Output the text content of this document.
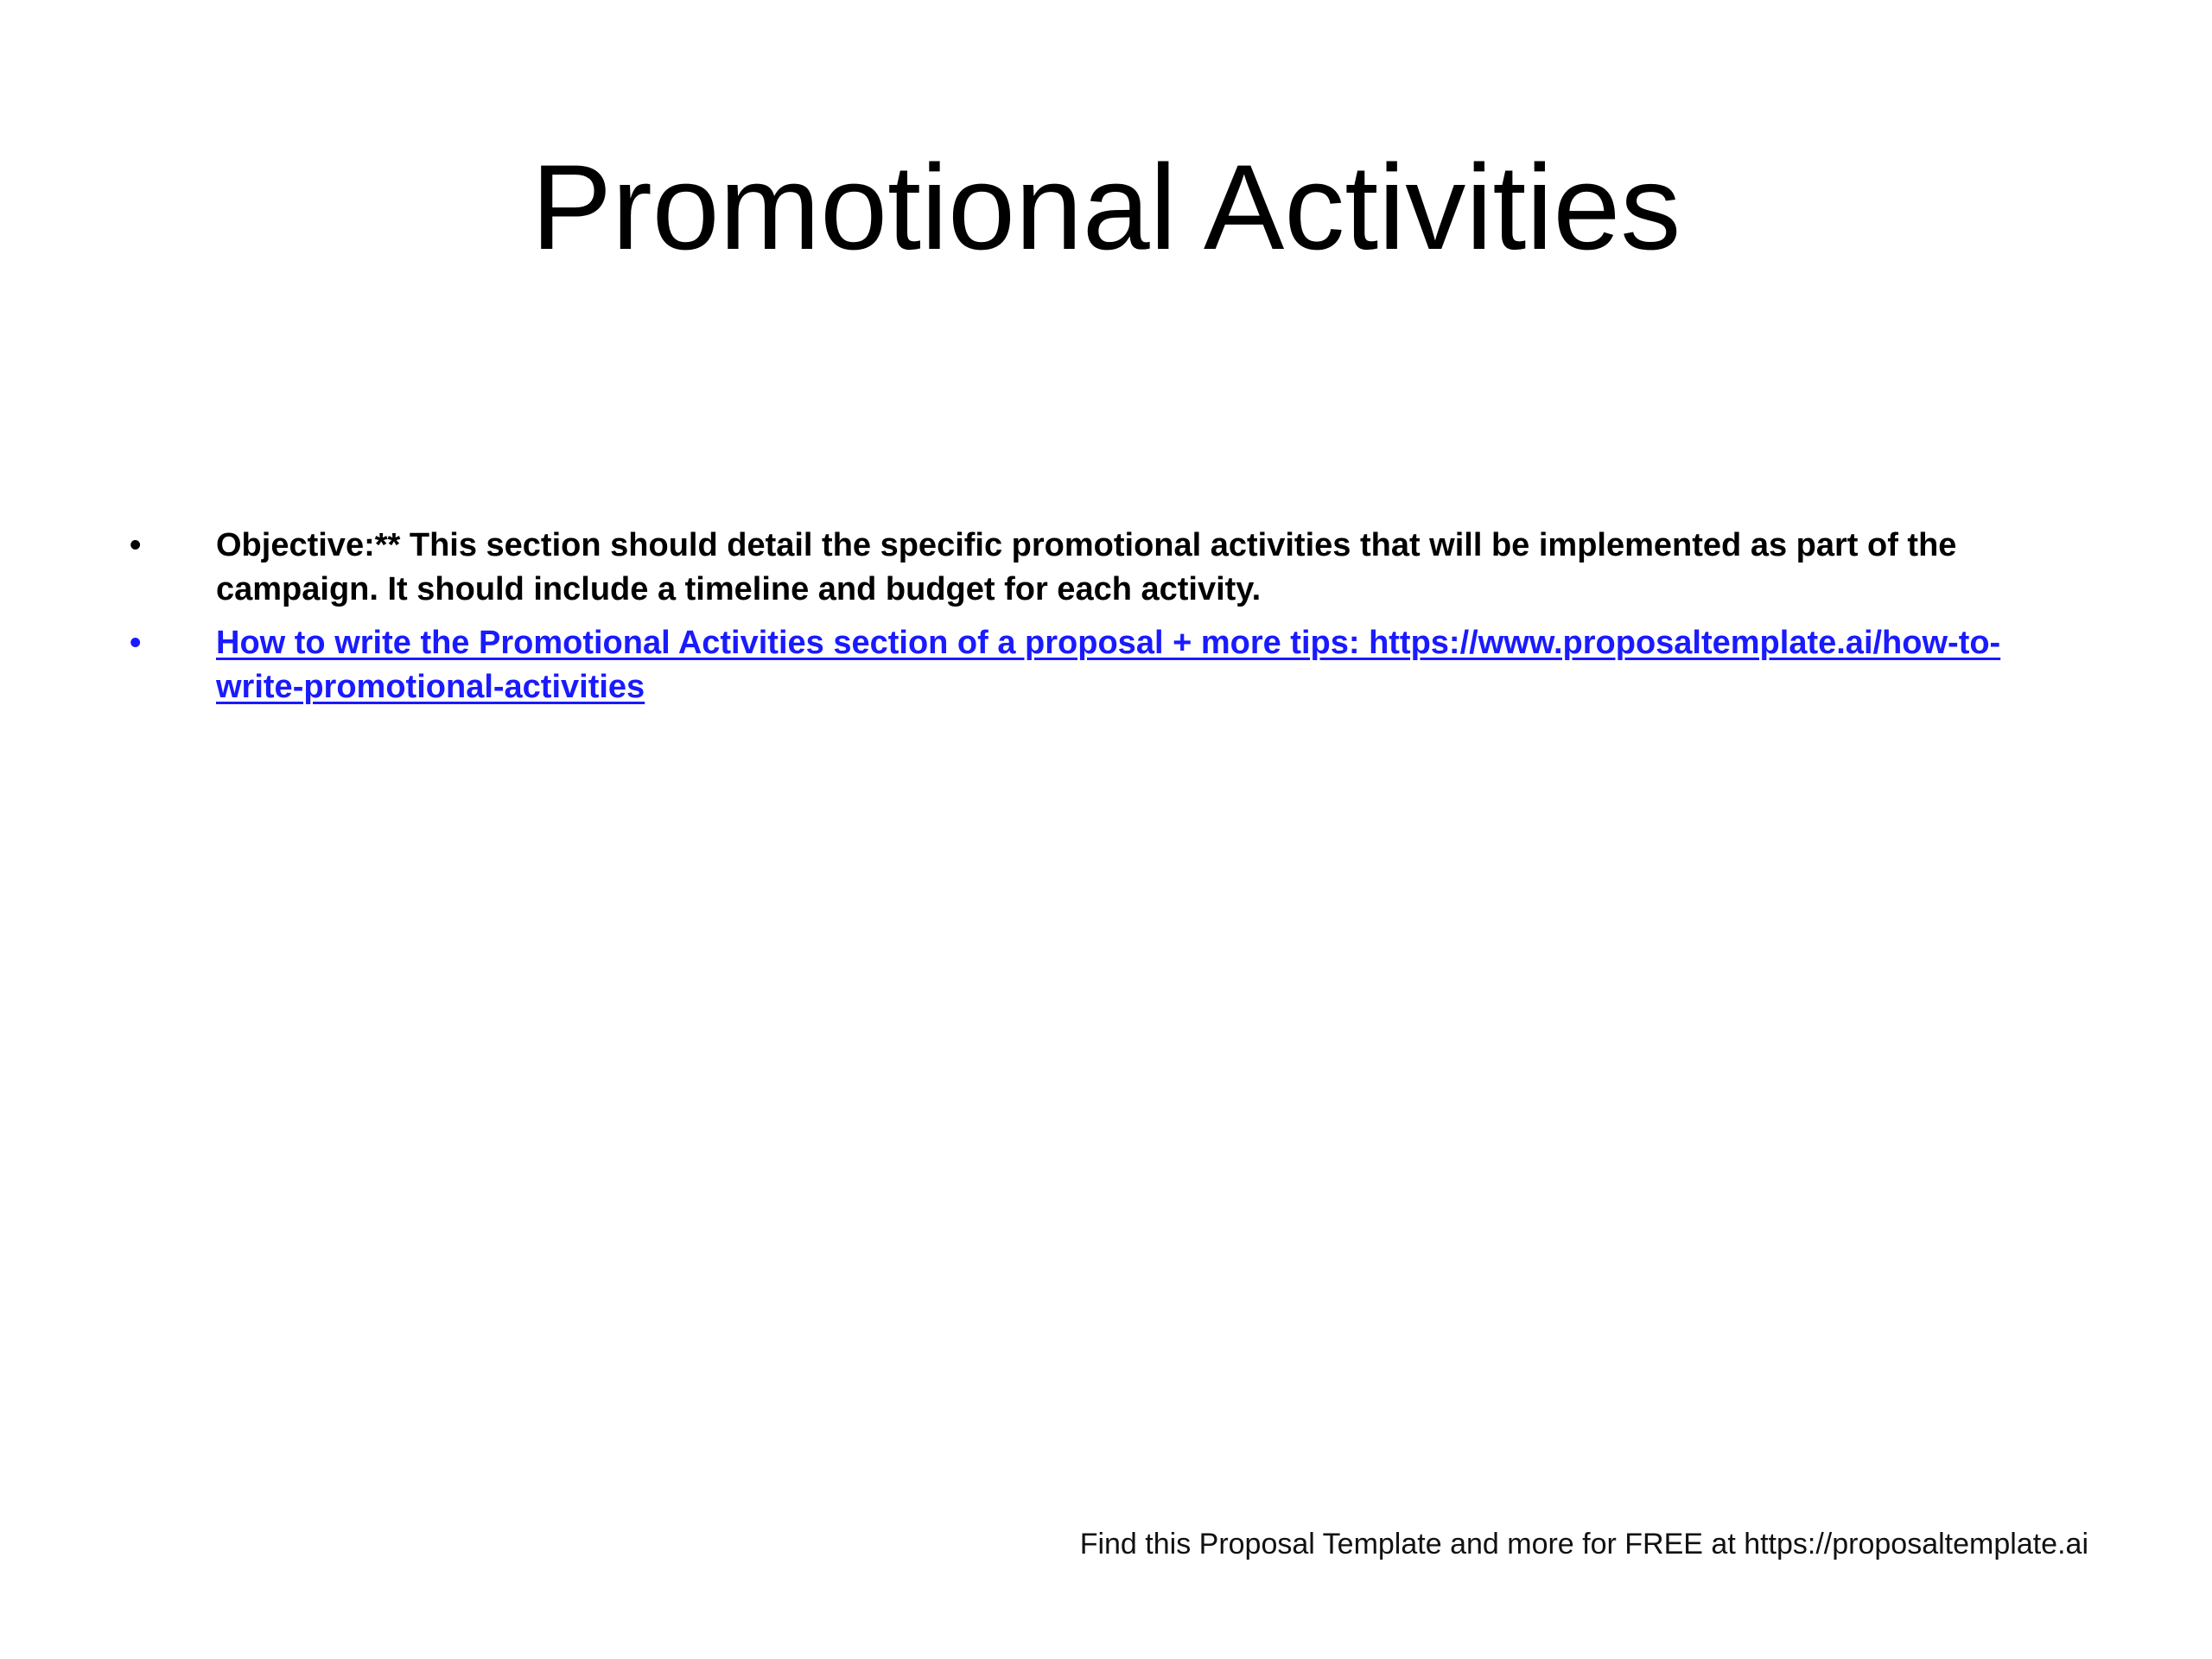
Promotional Activities
•	Objective:** This section should detail the specific promotional activities that will be implemented as part of the campaign. It should include a timeline and budget for each activity.
•	How to write the Promotional Activities section of a proposal + more tips: https://www.proposaltemplate.ai/how-to-write-promotional-activities
Find this Proposal Template and more for FREE at https://proposaltemplate.ai
